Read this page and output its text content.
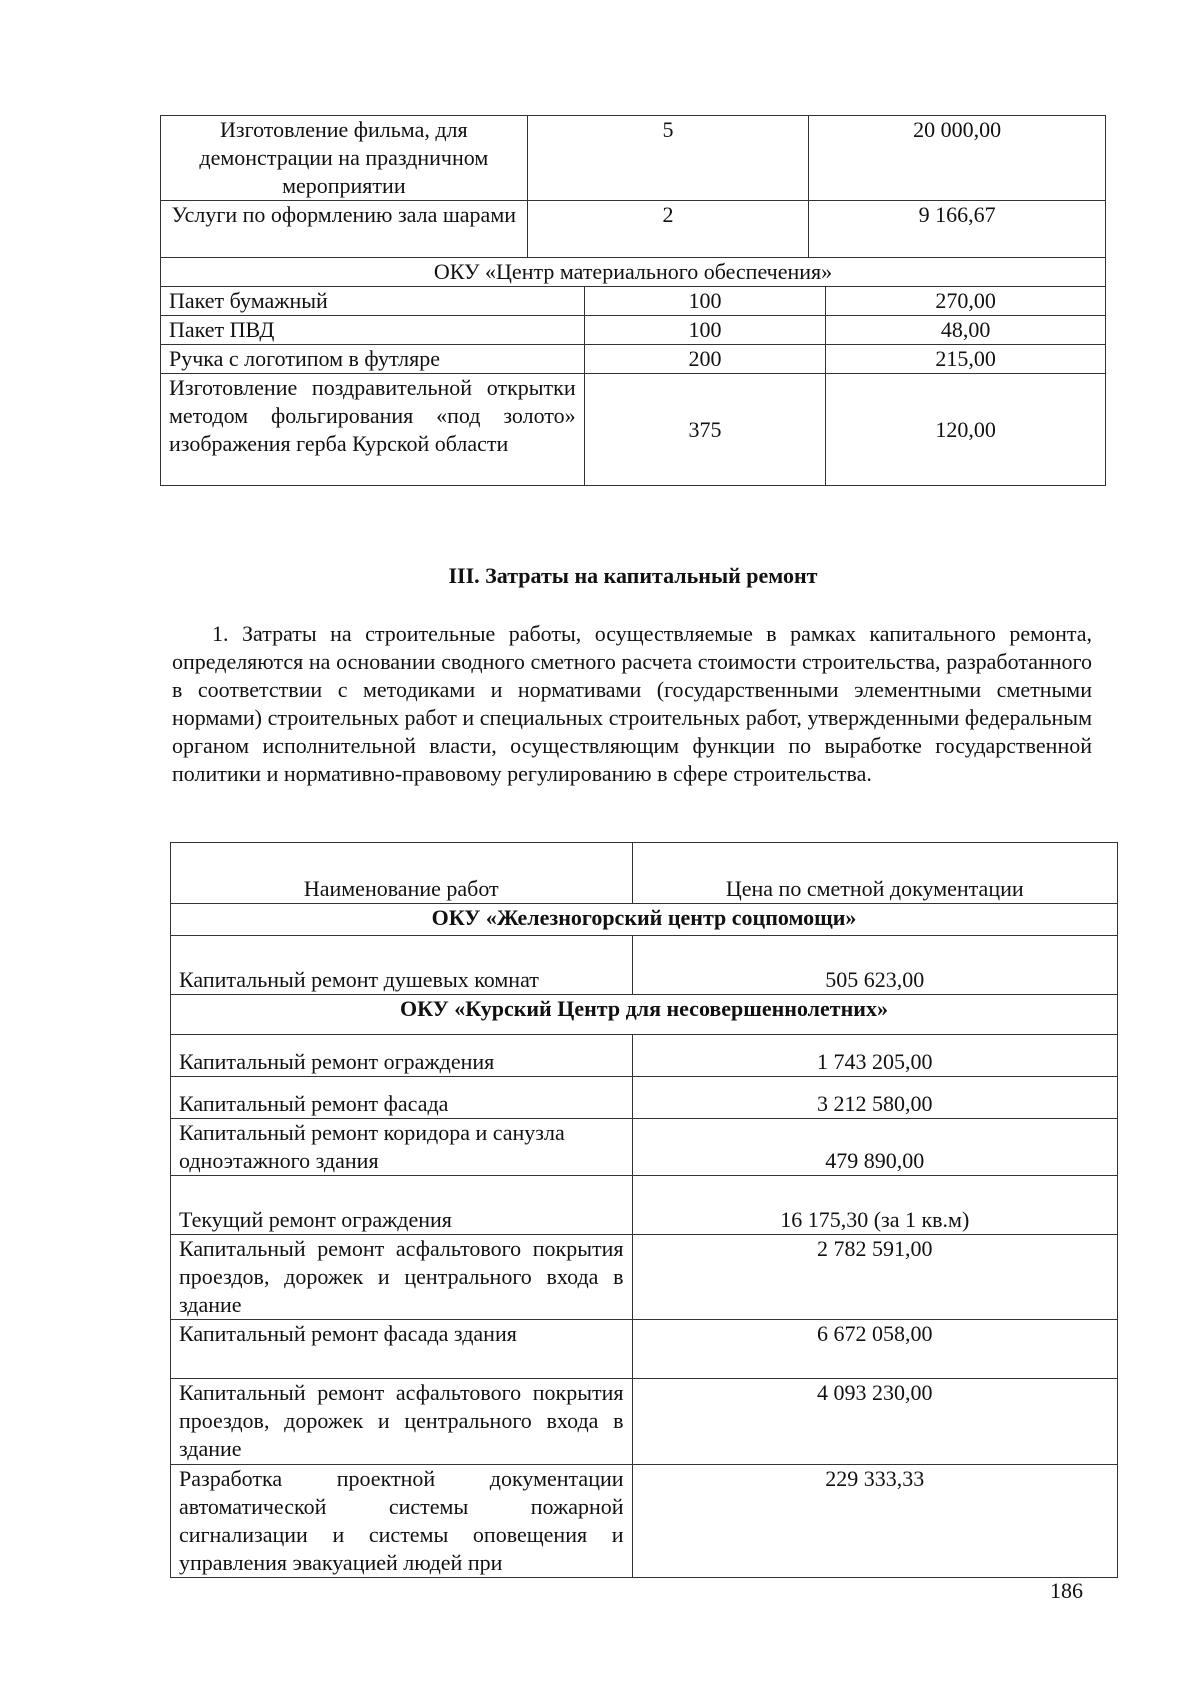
Изготовление фильма, для демонстрации на праздничном мероприятии	5	20 000,00
Услуги по оформлению зала шарами	2	9 166,67
ОКУ «Центр материального обеспечения»		
Пакет бумажный	100	270,00
Пакет ПВД	100	48,00
Ручка с логотипом в футляре	200	215,00
Изготовление поздравительной открытки методом фольгирования «под золото» изображения герба Курской области	375	120,00
III. Затраты на капитальный ремонт
1. Затраты на строительные работы, осуществляемые в рамках капитального ремонта, определяются на основании сводного сметного расчета стоимости строительства, разработанного в соответствии с методиками и нормативами (государственными элементными сметными нормами) строительных работ и специальных строительных работ, утвержденными федеральным органом исполнительной власти, осуществляющим функции по выработке государственной политики и нормативно-правовому регулированию в сфере строительства.
Наименование работ	Цена по сметной документации
ОКУ «Железногорский центр соцпомощи»	
Капитальный ремонт душевых комнат	505 623,00
ОКУ «Курский Центр для несовершеннолетних»	
Капитальный ремонт ограждения	1 743 205,00
Капитальный ремонт фасада	3 212 580,00
Капитальный ремонт коридора и санузла одноэтажного здания	479 890,00
Текущий ремонт ограждения	16 175,30 (за 1 кв.м)
Капитальный ремонт асфальтового покрытия проездов, дорожек и центрального входа в здание	2 782 591,00
Капитальный ремонт фасада здания	6 672 058,00
Капитальный ремонт асфальтового покрытия проездов, дорожек и центрального входа в здание	4 093 230,00
Разработка проектной документации автоматической системы пожарной сигнализации и системы оповещения и управления эвакуацией людей при	229 333,33
186
